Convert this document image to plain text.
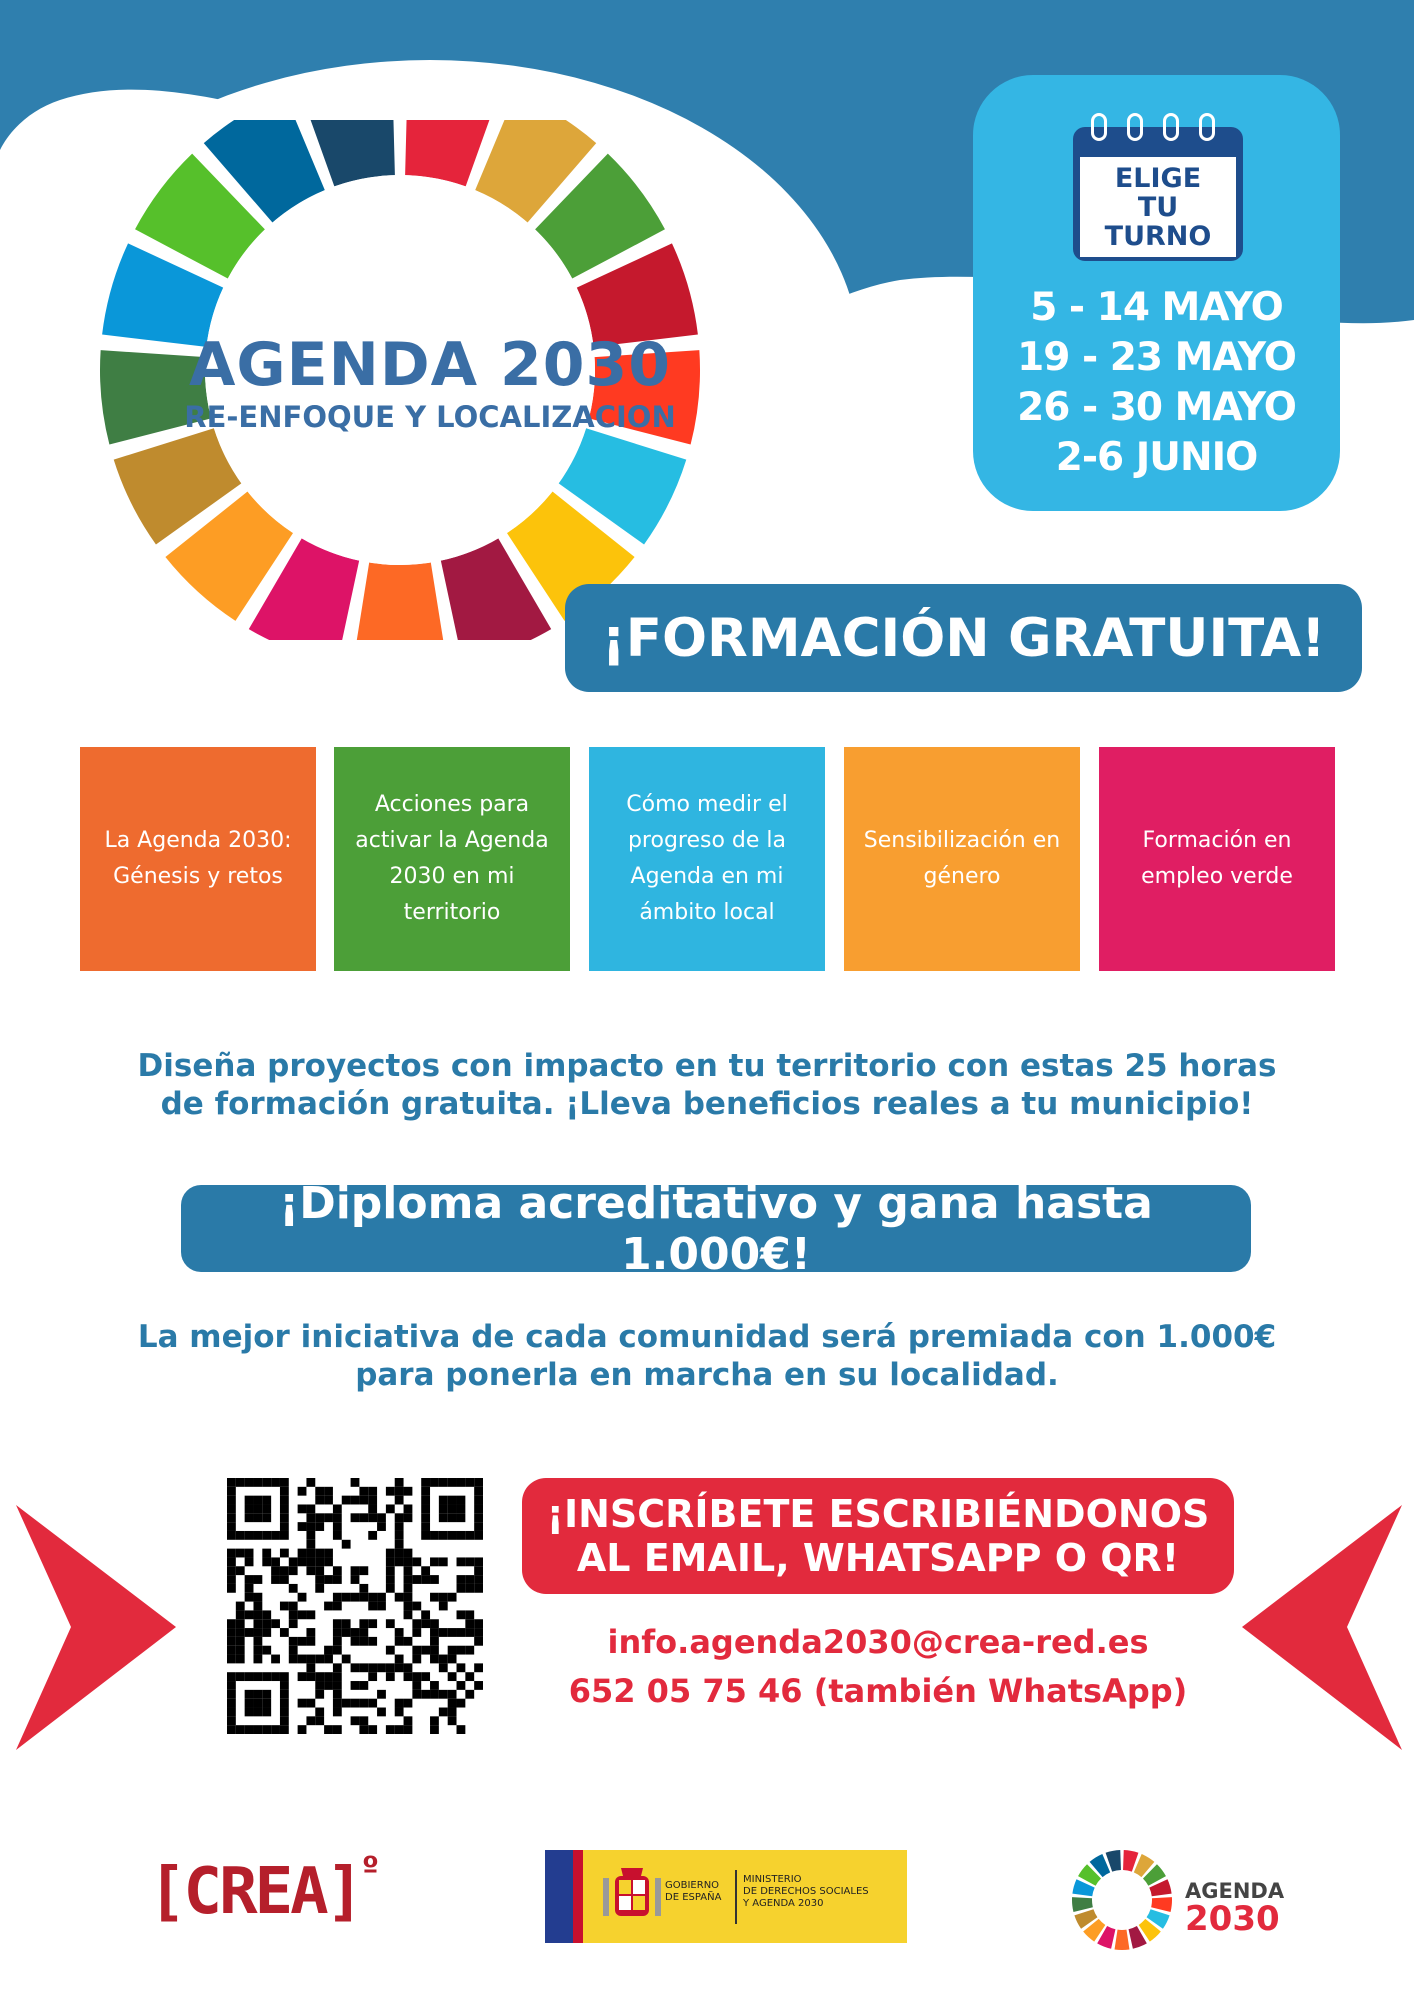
AGENDA 2030
RE-ENFOQUE Y LOCALIZACION
ELIGE
TU
TURNO
5 - 14 MAYO
19 - 23 MAYO
26 - 30 MAYO
2-6 JUNIO
¡FORMACIÓN GRATUITA!
La Agenda 2030: Génesis y retos
Acciones para activar la Agenda 2030 en mi territorio
Cómo medir el progreso de la Agenda en mi ámbito local
Sensibilización en género
Formación en empleo verde
Diseña proyectos con impacto en tu territorio con estas 25 horas
de formación gratuita. ¡Lleva beneficios reales a tu municipio!
¡Diploma acreditativo y gana hasta 1.000€!
La mejor iniciativa de cada comunidad será premiada con 1.000€
para ponerla en marcha en su localidad.
¡INSCRÍBETE ESCRIBIÉNDONOS
AL EMAIL, WHATSAPP O QR!
info.agenda2030@crea-red.es
652 05 75 46 (también WhatsApp)
[CREA] º	GOBIERNO
DE ESPAÑA
MINISTERIO
DE DERECHOS SOCIALES
Y AGENDA 2030
AGENDA
2030
